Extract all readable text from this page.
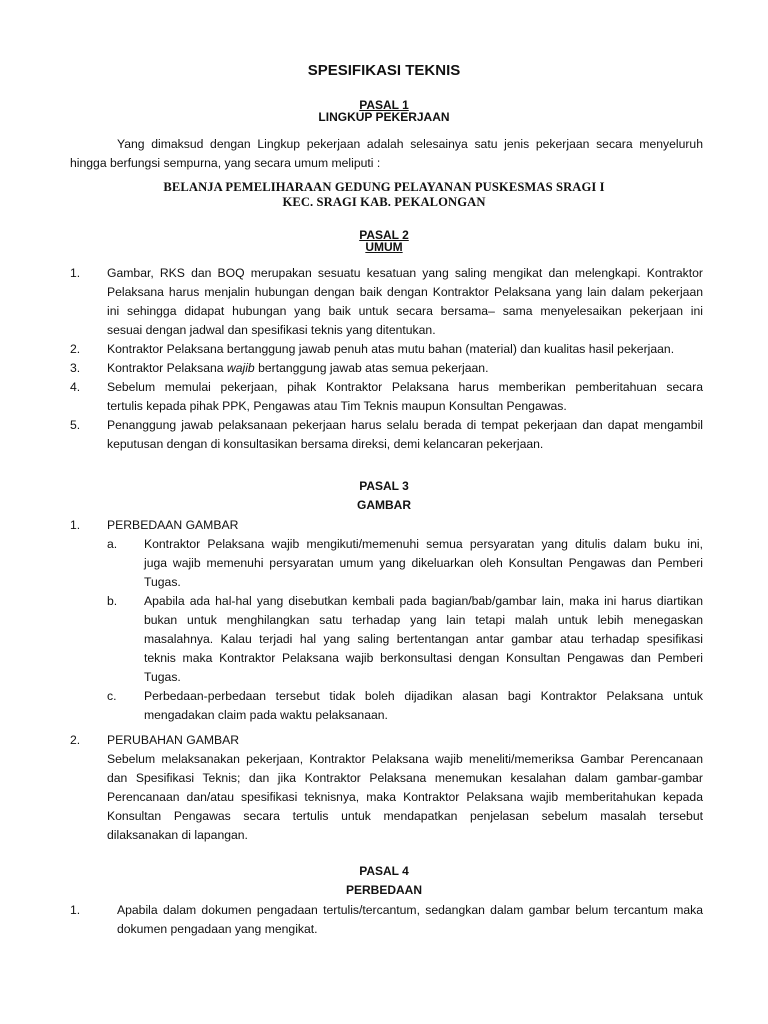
SPESIFIKASI TEKNIS
PASAL 1
LINGKUP PEKERJAAN
Yang dimaksud dengan Lingkup pekerjaan adalah selesainya satu jenis pekerjaan secara menyeluruh
hingga berfungsi sempurna, yang secara umum meliputi :
BELANJA PEMELIHARAAN GEDUNG PELAYANAN PUSKESMAS SRAGI I
KEC. SRAGI KAB. PEKALONGAN
PASAL 2
UMUM
1. Gambar, RKS dan BOQ merupakan sesuatu kesatuan yang saling mengikat dan melengkapi. Kontraktor
Pelaksana harus menjalin hubungan dengan baik dengan Kontraktor Pelaksana yang lain dalam pekerjaan
ini sehingga didapat hubungan yang baik untuk secara bersama– sama menyelesaikan pekerjaan ini
sesuai dengan jadwal dan spesifikasi teknis yang ditentukan.
2. Kontraktor Pelaksana bertanggung jawab penuh atas mutu bahan (material) dan kualitas hasil pekerjaan.
3. Kontraktor Pelaksana wajib bertanggung jawab atas semua pekerjaan.
4. Sebelum memulai pekerjaan, pihak Kontraktor Pelaksana harus memberikan pemberitahuan secara
tertulis kepada pihak PPK, Pengawas atau Tim Teknis maupun Konsultan Pengawas.
5. Penanggung jawab pelaksanaan pekerjaan harus selalu berada di tempat pekerjaan dan dapat mengambil
keputusan dengan di konsultasikan bersama direksi, demi kelancaran pekerjaan.
PASAL 3
GAMBAR
1. PERBEDAAN GAMBAR
a. Kontraktor Pelaksana wajib mengikuti/memenuhi semua persyaratan yang ditulis dalam buku ini,
juga wajib memenuhi persyaratan umum yang dikeluarkan oleh Konsultan Pengawas dan Pemberi
Tugas.
b. Apabila ada hal-hal yang disebutkan kembali pada bagian/bab/gambar lain, maka ini harus diartikan
bukan untuk menghilangkan satu terhadap yang lain tetapi malah untuk lebih menegaskan
masalahnya. Kalau terjadi hal yang saling bertentangan antar gambar atau terhadap spesifikasi
teknis maka Kontraktor Pelaksana wajib berkonsultasi dengan Konsultan Pengawas dan Pemberi
Tugas.
c. Perbedaan-perbedaan tersebut tidak boleh dijadikan alasan bagi Kontraktor Pelaksana untuk
mengadakan claim pada waktu pelaksanaan.
2. PERUBAHAN GAMBAR
Sebelum melaksanakan pekerjaan, Kontraktor Pelaksana wajib meneliti/memeriksa Gambar Perencanaan
dan Spesifikasi Teknis; dan jika Kontraktor Pelaksana menemukan kesalahan dalam gambar-gambar
Perencanaan dan/atau spesifikasi teknisnya, maka Kontraktor Pelaksana wajib memberitahukan kepada
Konsultan Pengawas secara tertulis untuk mendapatkan penjelasan sebelum masalah tersebut
dilaksanakan di lapangan.
PASAL 4
PERBEDAAN
1.	Apabila dalam dokumen pengadaan tertulis/tercantum, sedangkan dalam gambar belum tercantum maka
dokumen pengadaan yang mengikat.
